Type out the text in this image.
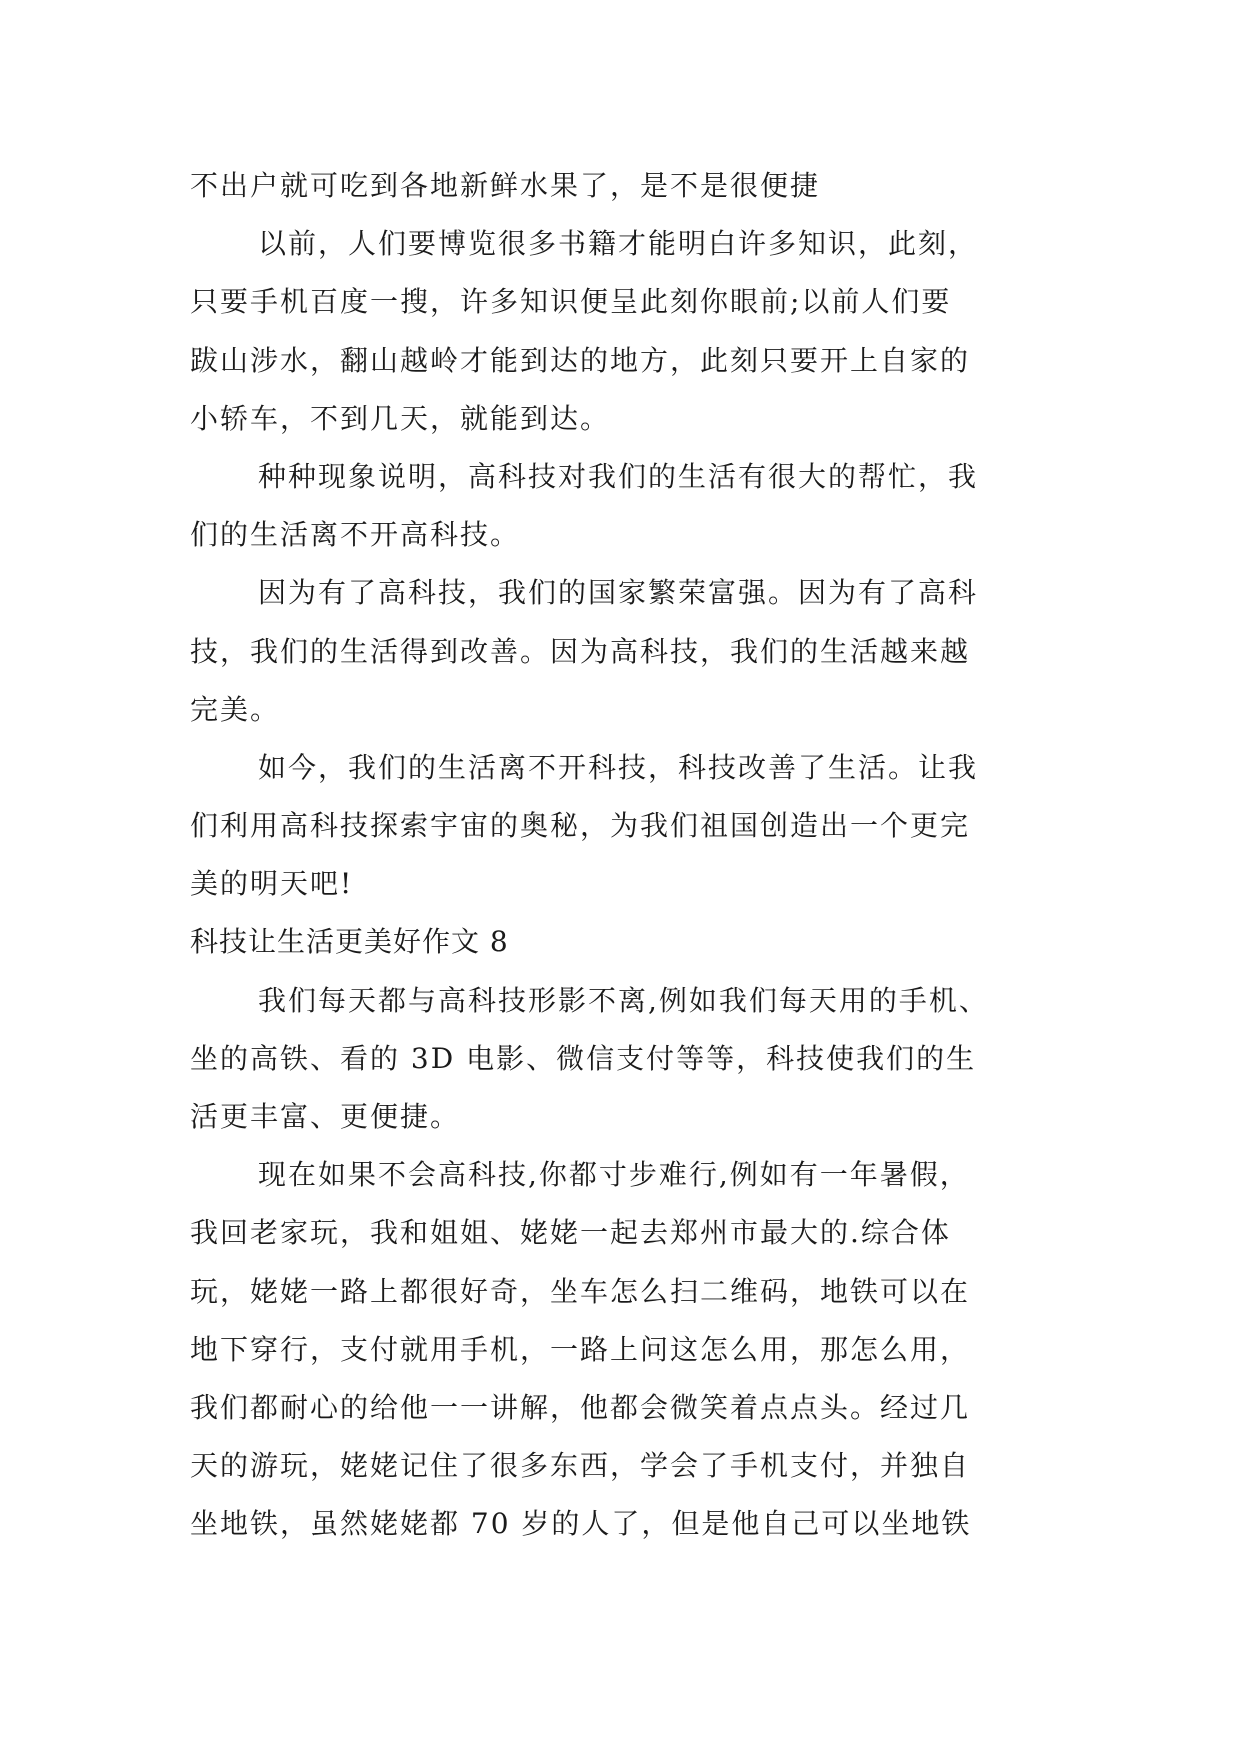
不出户就可吃到各地新鲜水果了，是不是很便捷
以前，人们要博览很多书籍才能明白许多知识，此刻，
只要手机百度一搜，许多知识便呈此刻你眼前;以前人们要
跋山涉水，翻山越岭才能到达的地方，此刻只要开上自家的
小轿车，不到几天，就能到达。
种种现象说明，高科技对我们的生活有很大的帮忙，我
们的生活离不开高科技。
因为有了高科技，我们的国家繁荣富强。因为有了高科
技，我们的生活得到改善。因为高科技，我们的生活越来越
完美。
如今，我们的生活离不开科技，科技改善了生活。让我
们利用高科技探索宇宙的奥秘，为我们祖国创造出一个更完
美的明天吧!
科技让生活更美好作文 8
我们每天都与高科技形影不离,例如我们每天用的手机、
坐的高铁、看的 3D 电影、微信支付等等，科技使我们的生
活更丰富、更便捷。
现在如果不会高科技,你都寸步难行,例如有一年暑假，
我回老家玩，我和姐姐、姥姥一起去郑州市最大的.综合体
玩，姥姥一路上都很好奇，坐车怎么扫二维码，地铁可以在
地下穿行，支付就用手机，一路上问这怎么用，那怎么用，
我们都耐心的给他一一讲解，他都会微笑着点点头。经过几
天的游玩，姥姥记住了很多东西，学会了手机支付，并独自
坐地铁，虽然姥姥都 70 岁的人了，但是他自己可以坐地铁
